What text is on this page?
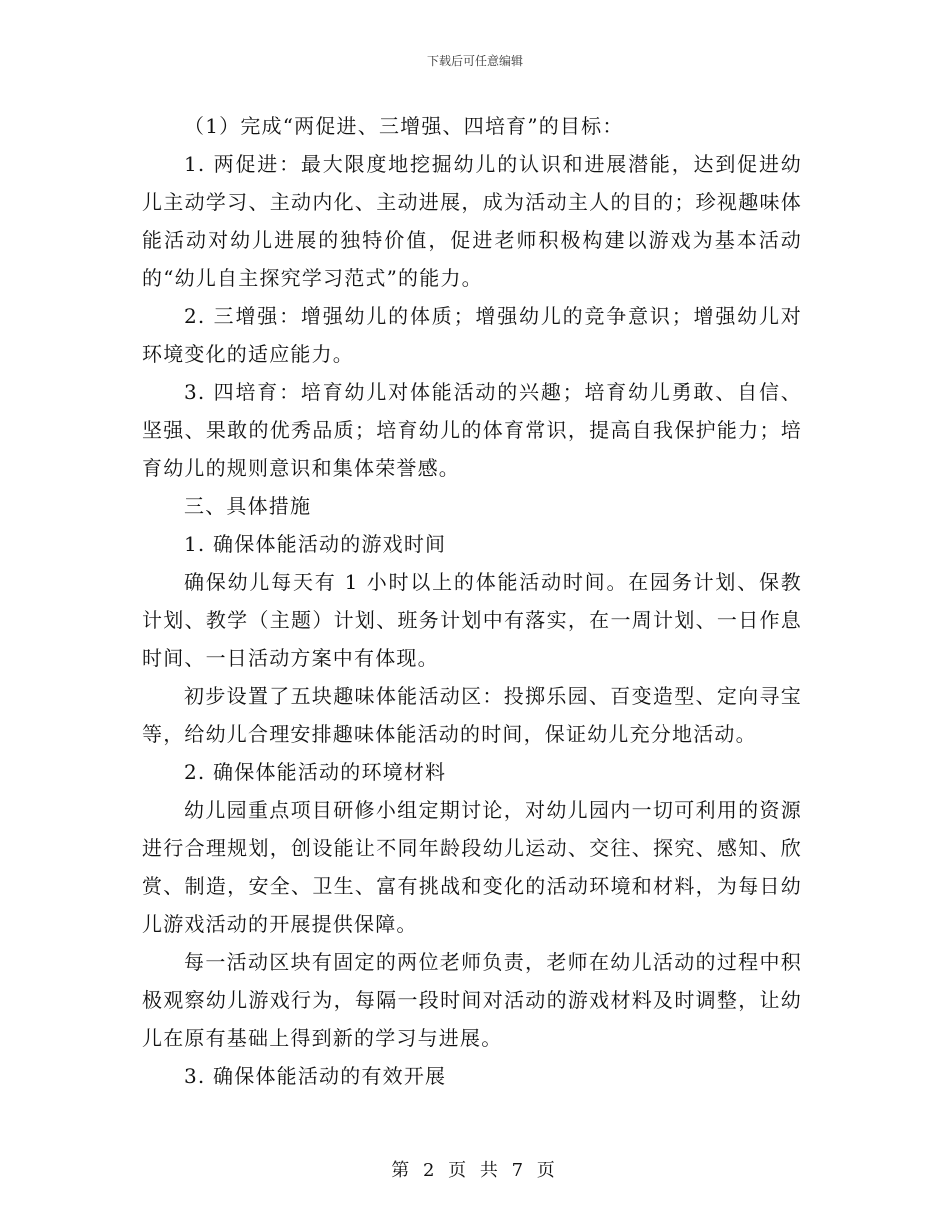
下载后可任意编辑

（1）完成“两促进、三增强、四培育”的目标：

1. 两促进：最大限度地挖掘幼儿的认识和进展潜能，达到促进幼儿主动学习、主动内化、主动进展，成为活动主人的目的；珍视趣味体能活动对幼儿进展的独特价值，促进老师积极构建以游戏为基本活动的“幼儿自主探究学习范式”的能力。

2. 三增强：增强幼儿的体质；增强幼儿的竞争意识；增强幼儿对环境变化的适应能力。

3. 四培育：培育幼儿对体能活动的兴趣；培育幼儿勇敢、自信、坚强、果敢的优秀品质；培育幼儿的体育常识，提高自我保护能力；培育幼儿的规则意识和集体荣誉感。

三、具体措施

1. 确保体能活动的游戏时间

确保幼儿每天有 1 小时以上的体能活动时间。在园务计划、保教计划、教学（主题）计划、班务计划中有落实，在一周计划、一日作息时间、一日活动方案中有体现。

初步设置了五块趣味体能活动区：投掷乐园、百变造型、定向寻宝等，给幼儿合理安排趣味体能活动的时间，保证幼儿充分地活动。

2. 确保体能活动的环境材料

幼儿园重点项目研修小组定期讨论，对幼儿园内一切可利用的资源进行合理规划，创设能让不同年龄段幼儿运动、交往、探究、感知、欣赏、制造，安全、卫生、富有挑战和变化的活动环境和材料，为每日幼儿游戏活动的开展提供保障。

每一活动区块有固定的两位老师负责，老师在幼儿活动的过程中积极观察幼儿游戏行为，每隔一段时间对活动的游戏材料及时调整，让幼儿在原有基础上得到新的学习与进展。

3. 确保体能活动的有效开展

第 2 页 共 7 页
